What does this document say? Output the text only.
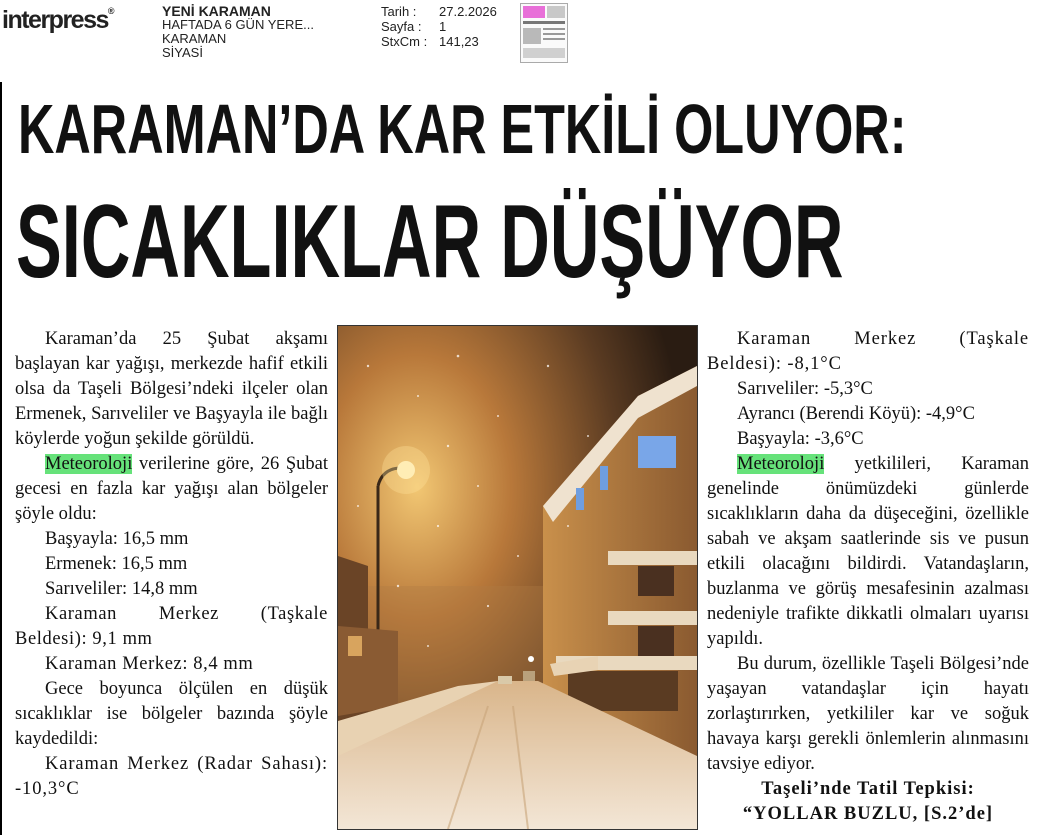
interpress®	YENİ KARAMAN
HAFTADA 6 GÜN YERE...
KARAMAN
SİYASİ
Tarih :	27.2.2026
Sayfa :	1
StxCm : 141,23
KARAMAN’DA KAR ETKİLİ OLUYOR:
SICAKLIKLAR DÜŞÜYOR

Karaman’da 25 Şubat akşamı başlayan kar yağışı, merkezde hafif etkili olsa da Taşeli Bölgesi’ndeki ilçeler olan Ermenek, Sarıveliler ve Başyayla ile bağlı köylerde yoğun şekilde görüldü.

Meteoroloji verilerine göre, 26 Şubat gecesi en fazla kar yağışı alan bölgeler şöyle oldu:

Başyayla: 16,5 mm

Ermenek: 16,5 mm

Sarıveliler: 14,8 mm

Karaman Merkez (Taşkale Beldesi): 9,1 mm

Karaman Merkez: 8,4 mm

Gece boyunca ölçülen en düşük sıcaklıklar ise bölgeler bazında şöyle kaydedildi:

Karaman Merkez (Radar Sahası): -10,3°C

Karaman Merkez (Taşkale Beldesi): -8,1°C

Sarıveliler: -5,3°C

Ayrancı (Berendi Köyü): -4,9°C

Başyayla: -3,6°C

Meteoroloji yetkilileri, Karaman genelinde önümüzdeki günlerde sıcaklıkların daha da düşeceğini, özellikle sabah ve akşam saatlerinde sis ve pusun etkili olacağını bildirdi. Vatandaşların, buzlanma ve görüş mesafesinin azalması nedeniyle trafikte dikkatli olmaları uyarısı yapıldı.

Bu durum, özellikle Taşeli Bölgesi’nde yaşayan vatandaşlar için hayatı zorlaştırırken, yetkililer kar ve soğuk havaya karşı gerekli önlemlerin alınmasını tavsiye ediyor.

Taşeli’nde Tatil Tepkisi:

“YOLLAR BUZLU, [S.2’de]
